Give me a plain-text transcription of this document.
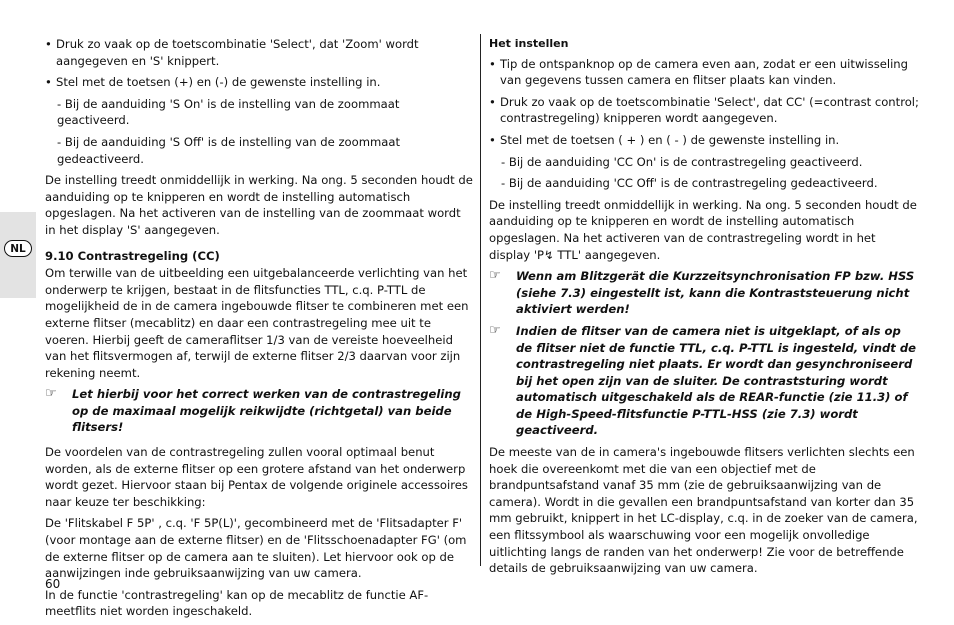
NL
• Druk zo vaak op de toetscombinatie 'Select', dat 'Zoom' wordt aangegeven en 'S' knippert.

• Stel met de toetsen (+) en (-) de gewenste instelling in.

- Bij de aanduiding 'S On' is de instelling van de zoommaat geactiveerd.

- Bij de aanduiding 'S Off' is de instelling van de zoommaat gedeactiveerd.

De instelling treedt onmiddellijk in werking. Na ong. 5 seconden houdt de aanduiding op te knipperen en wordt de instelling automatisch opgeslagen. Na het activeren van de instelling van de zoommaat wordt in het display 'S' aangegeven.

9.10 Contrastregeling (CC)

Om terwille van de uitbeelding een uitgebalanceerde verlichting van het onderwerp te krijgen, bestaat in de flitsfuncties TTL, c.q. P-TTL de mogelijkheid de in de camera ingebouwde flitser te combineren met een externe flitser (mecablitz) en daar een contrastregeling mee uit te voeren. Hierbij geeft de cameraflitser 1/3 van de vereiste hoeveelheid van het flitsvermogen af, terwijl de externe flitser 2/3 daarvan voor zijn rekening neemt.

☞	Let hierbij voor het correct werken van de contrastregeling op de maximaal mogelijk reikwijdte (richtgetal) van beide flitsers!

De voordelen van de contrastregeling zullen vooral optimaal benut worden, als de externe flitser op een grotere afstand van het onderwerp wordt gezet. Hiervoor staan bij Pentax de volgende originele accessoires naar keuze ter beschikking:

De 'Flitskabel F 5P' , c.q. 'F 5P(L)', gecombineerd met de 'Flitsadapter F' (voor montage aan de externe flitser) en de 'Flitsschoenadapter FG' (om de externe flitser op de camera aan te sluiten). Let hiervoor ook op de aanwijzingen inde gebruiksaanwijzing van uw camera.

In de functie 'contrastregeling' kan op de mecablitz de functie AF-meetflits niet worden ingeschakeld.

Het instellen

• Tip de ontspanknop op de camera even aan, zodat er een uitwisseling van gegevens tussen camera en flitser plaats kan vinden.

• Druk zo vaak op de toetscombinatie 'Select', dat CC' (=contrast control; contrastregeling) knipperen wordt aangegeven.

• Stel met de toetsen ( + ) en ( - ) de gewenste instelling in.

- Bij de aanduiding 'CC On' is de contrastregeling geactiveerd.

- Bij de aanduiding 'CC Off' is de contrastregeling gedeactiveerd.

De instelling treedt onmiddellijk in werking. Na ong. 5 seconden houdt de aanduiding op te knipperen en wordt de instelling automatisch opgeslagen. Na het activeren van de contrastregeling wordt in het display 'P↯ TTL' aangegeven.

☞	Wenn am Blitzgerät die Kurzzeitsynchronisation FP bzw. HSS (siehe 7.3) eingestellt ist, kann die Kontraststeuerung nicht aktiviert werden!

☞	Indien de flitser van de camera niet is uitgeklapt, of als op de flitser niet de functie TTL, c.q. P-TTL is ingesteld, vindt de contrastregeling niet plaats. Er wordt dan gesynchroniseerd bij het open zijn van de sluiter. De contraststuring wordt automatisch uitgeschakeld als de REAR-functie (zie 11.3) of de High-Speed-flitsfunctie P-TTL-HSS (zie 7.3) wordt geactiveerd.

De meeste van de in camera's ingebouwde flitsers verlichten slechts een hoek die overeenkomt met die van een objectief met de brandpuntsafstand vanaf 35 mm (zie de gebruiksaanwijzing van de camera). Wordt in die gevallen een brandpuntsafstand van korter dan 35 mm gebruikt, knippert in het LC-display, c.q. in de zoeker van de camera, een flitssymbool als waarschuwing voor een mogelijk onvolledige uitlichting langs de randen van het onderwerp! Zie voor de betreffende details de gebruiksaanwijzing van uw camera.

60
